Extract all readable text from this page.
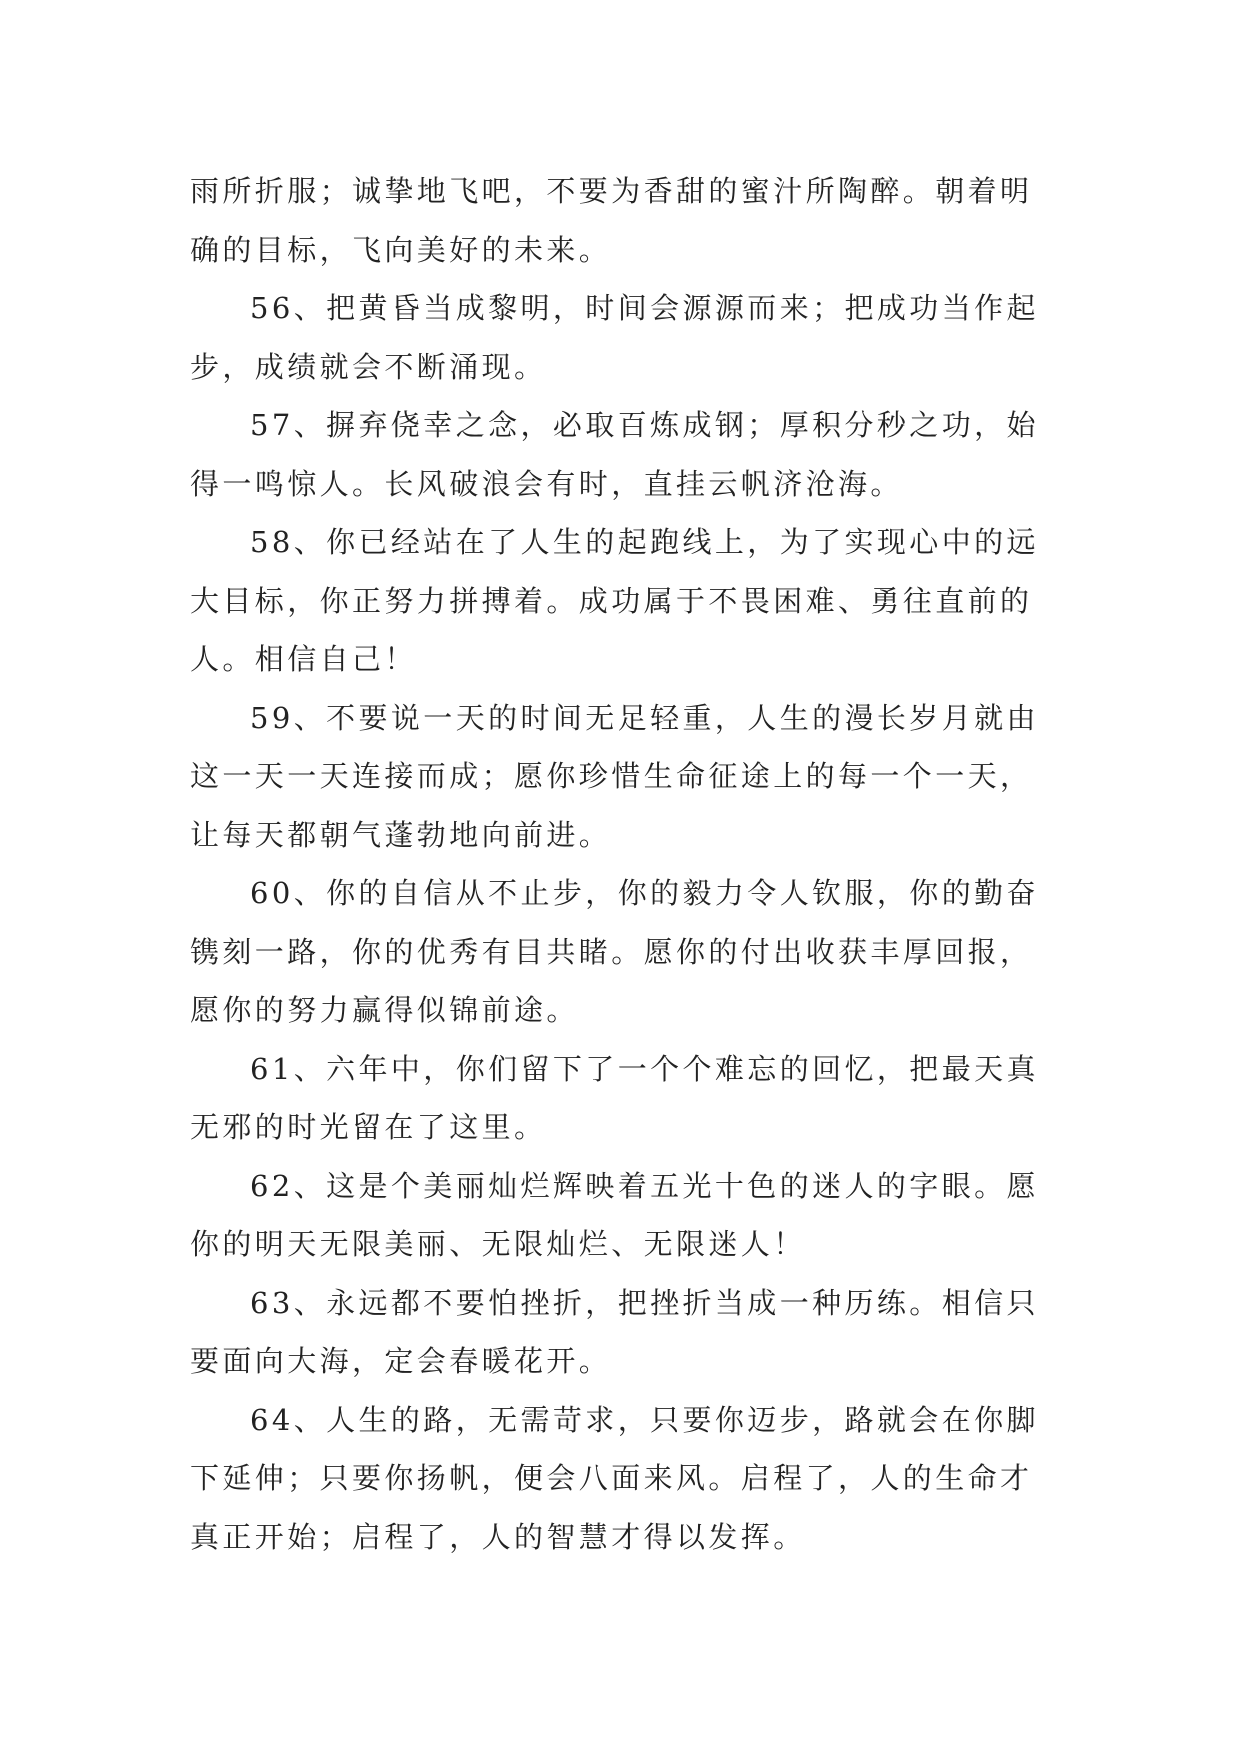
雨所折服；诚挚地飞吧，不要为香甜的蜜汁所陶醉。朝着明
确的目标，飞向美好的未来。

56、把黄昏当成黎明，时间会源源而来；把成功当作起
步，成绩就会不断涌现。

57、摒弃侥幸之念，必取百炼成钢；厚积分秒之功，始
得一鸣惊人。长风破浪会有时，直挂云帆济沧海。

58、你已经站在了人生的起跑线上，为了实现心中的远
大目标，你正努力拼搏着。成功属于不畏困难、勇往直前的
人。相信自己！

59、不要说一天的时间无足轻重，人生的漫长岁月就由
这一天一天连接而成；愿你珍惜生命征途上的每一个一天，
让每天都朝气蓬勃地向前进。

60、你的自信从不止步，你的毅力令人钦服，你的勤奋
镌刻一路，你的优秀有目共睹。愿你的付出收获丰厚回报，
愿你的努力赢得似锦前途。

61、六年中，你们留下了一个个难忘的回忆，把最天真
无邪的时光留在了这里。

62、这是个美丽灿烂辉映着五光十色的迷人的字眼。愿
你的明天无限美丽、无限灿烂、无限迷人！

63、永远都不要怕挫折，把挫折当成一种历练。相信只
要面向大海，定会春暖花开。

64、人生的路，无需苛求，只要你迈步，路就会在你脚
下延伸；只要你扬帆，便会八面来风。启程了，人的生命才
真正开始；启程了，人的智慧才得以发挥。
